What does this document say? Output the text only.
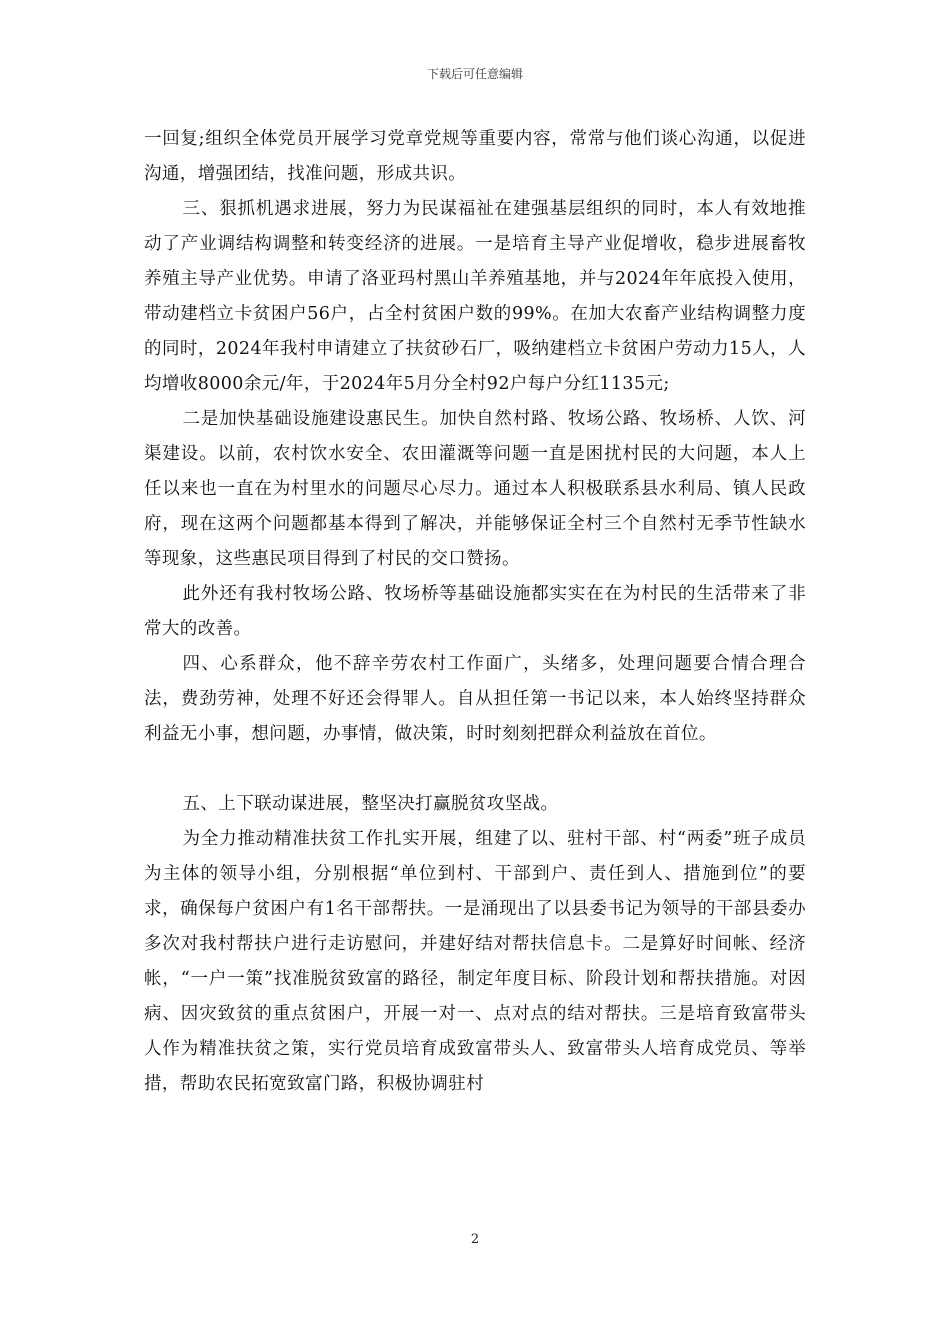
下载后可任意编辑

一回复;组织全体党员开展学习党章党规等重要内容，常常与他们谈心沟通，以促进沟通，增强团结，找准问题，形成共识。

三、狠抓机遇求进展，努力为民谋福祉在建强基层组织的同时，本人有效地推动了产业调结构调整和转变经济的进展。一是培育主导产业促增收，稳步进展畜牧养殖主导产业优势。申请了洛亚玛村黑山羊养殖基地，并与2024年年底投入使用，带动建档立卡贫困户56户，占全村贫困户数的99%。在加大农畜产业结构调整力度的同时，2024年我村申请建立了扶贫砂石厂，吸纳建档立卡贫困户劳动力15人，人均增收8000余元/年，于2024年5月分全村92户每户分红1135元;

二是加快基础设施建设惠民生。加快自然村路、牧场公路、牧场桥、人饮、河渠建设。以前，农村饮水安全、农田灌溉等问题一直是困扰村民的大问题，本人上任以来也一直在为村里水的问题尽心尽力。通过本人积极联系县水利局、镇人民政府，现在这两个问题都基本得到了解决，并能够保证全村三个自然村无季节性缺水等现象，这些惠民项目得到了村民的交口赞扬。

此外还有我村牧场公路、牧场桥等基础设施都实实在在为村民的生活带来了非常大的改善。

四、心系群众，他不辞辛劳农村工作面广，头绪多，处理问题要合情合理合法，费劲劳神，处理不好还会得罪人。自从担任第一书记以来，本人始终坚持群众利益无小事，想问题，办事情，做决策，时时刻刻把群众利益放在首位。

五、上下联动谋进展，整坚决打赢脱贫攻坚战。

为全力推动精准扶贫工作扎实开展，组建了以、驻村干部、村“两委”班子成员为主体的领导小组，分别根据“单位到村、干部到户、责任到人、措施到位”的要求，确保每户贫困户有1名干部帮扶。一是涌现出了以县委书记为领导的干部县委办多次对我村帮扶户进行走访慰问，并建好结对帮扶信息卡。二是算好时间帐、经济帐，“一户一策”找准脱贫致富的路径，制定年度目标、阶段计划和帮扶措施。对因病、因灾致贫的重点贫困户，开展一对一、点对点的结对帮扶。三是培育致富带头人作为精准扶贫之策，实行党员培育成致富带头人、致富带头人培育成党员、等举措，帮助农民拓宽致富门路，积极协调驻村

2
